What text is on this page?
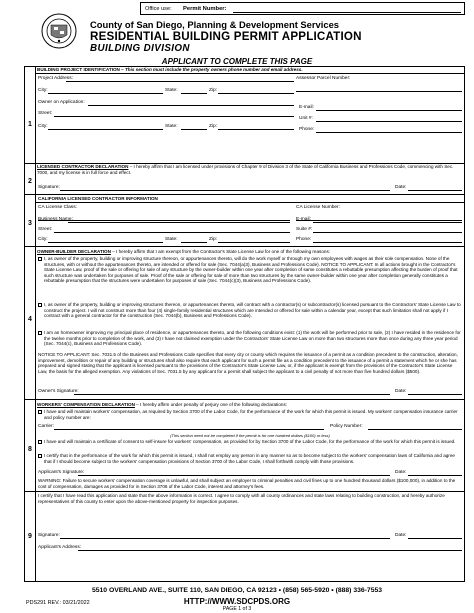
Office use: Permit Number:
County of San Diego, Planning & Development Services
RESIDENTIAL BUILDING PERMIT APPLICATION
BUILDING DIVISION
APPLICANT TO COMPLETE THIS PAGE
1
BUILDING PROJECT IDENTIFICATION – This section must include the property owners phone number and email address.
Project Address:	Assessor Parcel Number:
City:	State:	Zip:
Owner on Application:
E-mail:
Street:
Unit #:
City:	State:	Zip:
Phone:
2
LICENSED CONTRACTOR DECLARATION – I hereby affirm that I am licensed under provisions of Chapter 9 of Division 3 of the State of California Business and Professions Code, commencing with Sec. 7000, and my license is in full force and effect.
Signature:	Date:
3
CALIFORNIA LICENSED CONTRACTOR INFORMATION
CA License Class:	CA License Number:
Business Name:	E-mail:
Street:	Suite #:
City:	State:	Zip:	Phone:
4
OWNER-BUILDER DECLARATION – I hereby affirm that I am exempt from the Contractor's State License Law for one of the following reasons:
I, as owner of the property, building or improving structure thereon, or appurtenances thereto, will do the work myself or through my own employees with wages as their sole compensation. None of the structures, with or without the appurtenances thereto, are intended or offered for sale (Sec. 7044(a)3), Business and Professions Code). NOTICE TO APPLICANT: In all actions brought in the Contractor's State License Law, proof of the sale or offering for sale of any structure by the owner-builder within one year after completion of same constitutes a rebuttable presumption affecting the burden of proof that such structure was undertaken for purposes of sale. Proof of the sale or offering for sale of more than two structures by the same owner-builder within one year after completion generally constitutes a rebuttable presumption that the structures were undertaken for purposes of sale (Sec. 7044(c)(3), Business and Professions Code).
I, as owner of the property, building or improving structures thereon, or appurtenances thereto, will contract with a contractor(s) or subcontractor(s) licensed pursuant to the Contractors' State License Law to construct the project. I will not construct more than four (4) single-family residential structures which are intended or offered for sale within a calendar year, except that such limitation shall not apply if I contract with a general contractor for the construction (Sec. 7044(b), Business and Professions Code).
I am an homeowner improving my principal place of residence, or appurtenances thereto, and the following conditions exist: (1) the work will be performed prior to sale, (2) I have resided in the residence for the twelve months prior to completion of the work, and (3) I have not claimed exemption under the Contractors' State License Law on more than two structures more than once during any three year period (Sec. 7044(c), Business and Professions Code).
NOTICE TO APPLICANT: Sec. 7031.5 of the Business and Professions Code specifies that every city or county which requires the issuance of a permit as a condition precedent to the construction, alteration, improvement, demolition or repair of any building or structures shall also require that each applicant for such a permit file as a condition precedent to the issuance of a permit a statement which he or she has prepared and signed stating that the applicant is licensed pursuant to the provisions of the Contractor's State License Law, or, if the applicant is exempt from the provisions of the Contractor's State License Law, the basis for the alleged exemption. Any violations of Sec. 7031.5 by any applicant for a permit shall subject the applicant to a civil penalty of not more than five hundred dollars ($500).
Owner's Signature:	Date:
8
WORKERS' COMPENSATION DECLARATION – I hereby affirm under penalty of perjury one of the following declarations:
I have and will maintain workers' compensation, as required by Section 3700 of the Labor Code, for the performance of the work for which this permit is issued. My workers' compensation insurance carrier and policy number are:
Carrier:	Policy Number:
(This section need not be completed if the permit is for one hundred dollars ($100) or less)
I have and will maintain a certificate of consent to self-insure for workers' compensation, as provided for by Section 3700 of the Labor Code, for the performance of the work for which this permit is issued.
I certify that in the performance of the work for which this permit is issued, I shall not employ any person in any manner so as to become subject to the workers' compensation laws of California and agree that if I should become subject to the workers' compensation provisions of Section 3700 of the Labor Code, I shall forthwith comply with those provisions.
Applicant's Signature:	Date:
WARNING: Failure to secure workers' compensation coverage is unlawful, and shall subject an employer to criminal penalties and civil fines up to one hundred thousand dollars ($100,000), in addition to the cost of compensation, damages as provided for in Section 3706 of the Labor Code, interest and attorney's fees.
9
I certify that I have read this application and state that the above information is correct. I agree to comply with all county ordinances and state laws relating to building construction, and hereby authorize representatives of this county to enter upon the above-mentioned property for inspection purposes.
Signature:	Date:
Applicant's Address:
5510 OVERLAND AVE., SUITE 110, SAN DIEGO, CA 92123 • (858) 565-5920 • (888) 336-7553
PDS291 REV.: 03/21/2022	HTTP://WWW.SDCPDS.ORG
PAGE 1 of 3
